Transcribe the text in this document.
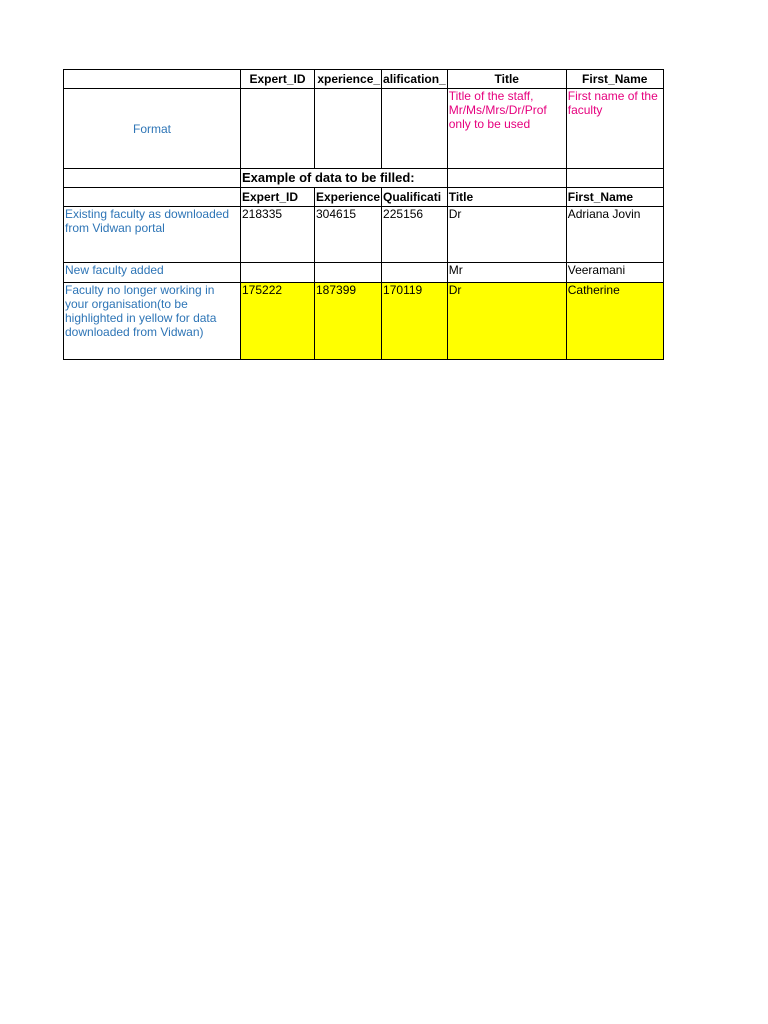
	Expert_ID	xperience_	alification_	Title	First_Name
Format				Title of the staff, Mr/Ms/Mrs/Dr/Prof only to be used	First name of the faculty
	Example of data to be filled:				
	Expert_ID	Experience	Qualificati	Title	First_Name
Existing faculty as downloaded from Vidwan portal	218335	304615	225156	Dr	Adriana Jovin
New faculty added				Mr	Veeramani
Faculty no longer working in your organisation(to be highlighted in yellow for data downloaded from Vidwan)	175222	187399	170119	Dr	Catherine
